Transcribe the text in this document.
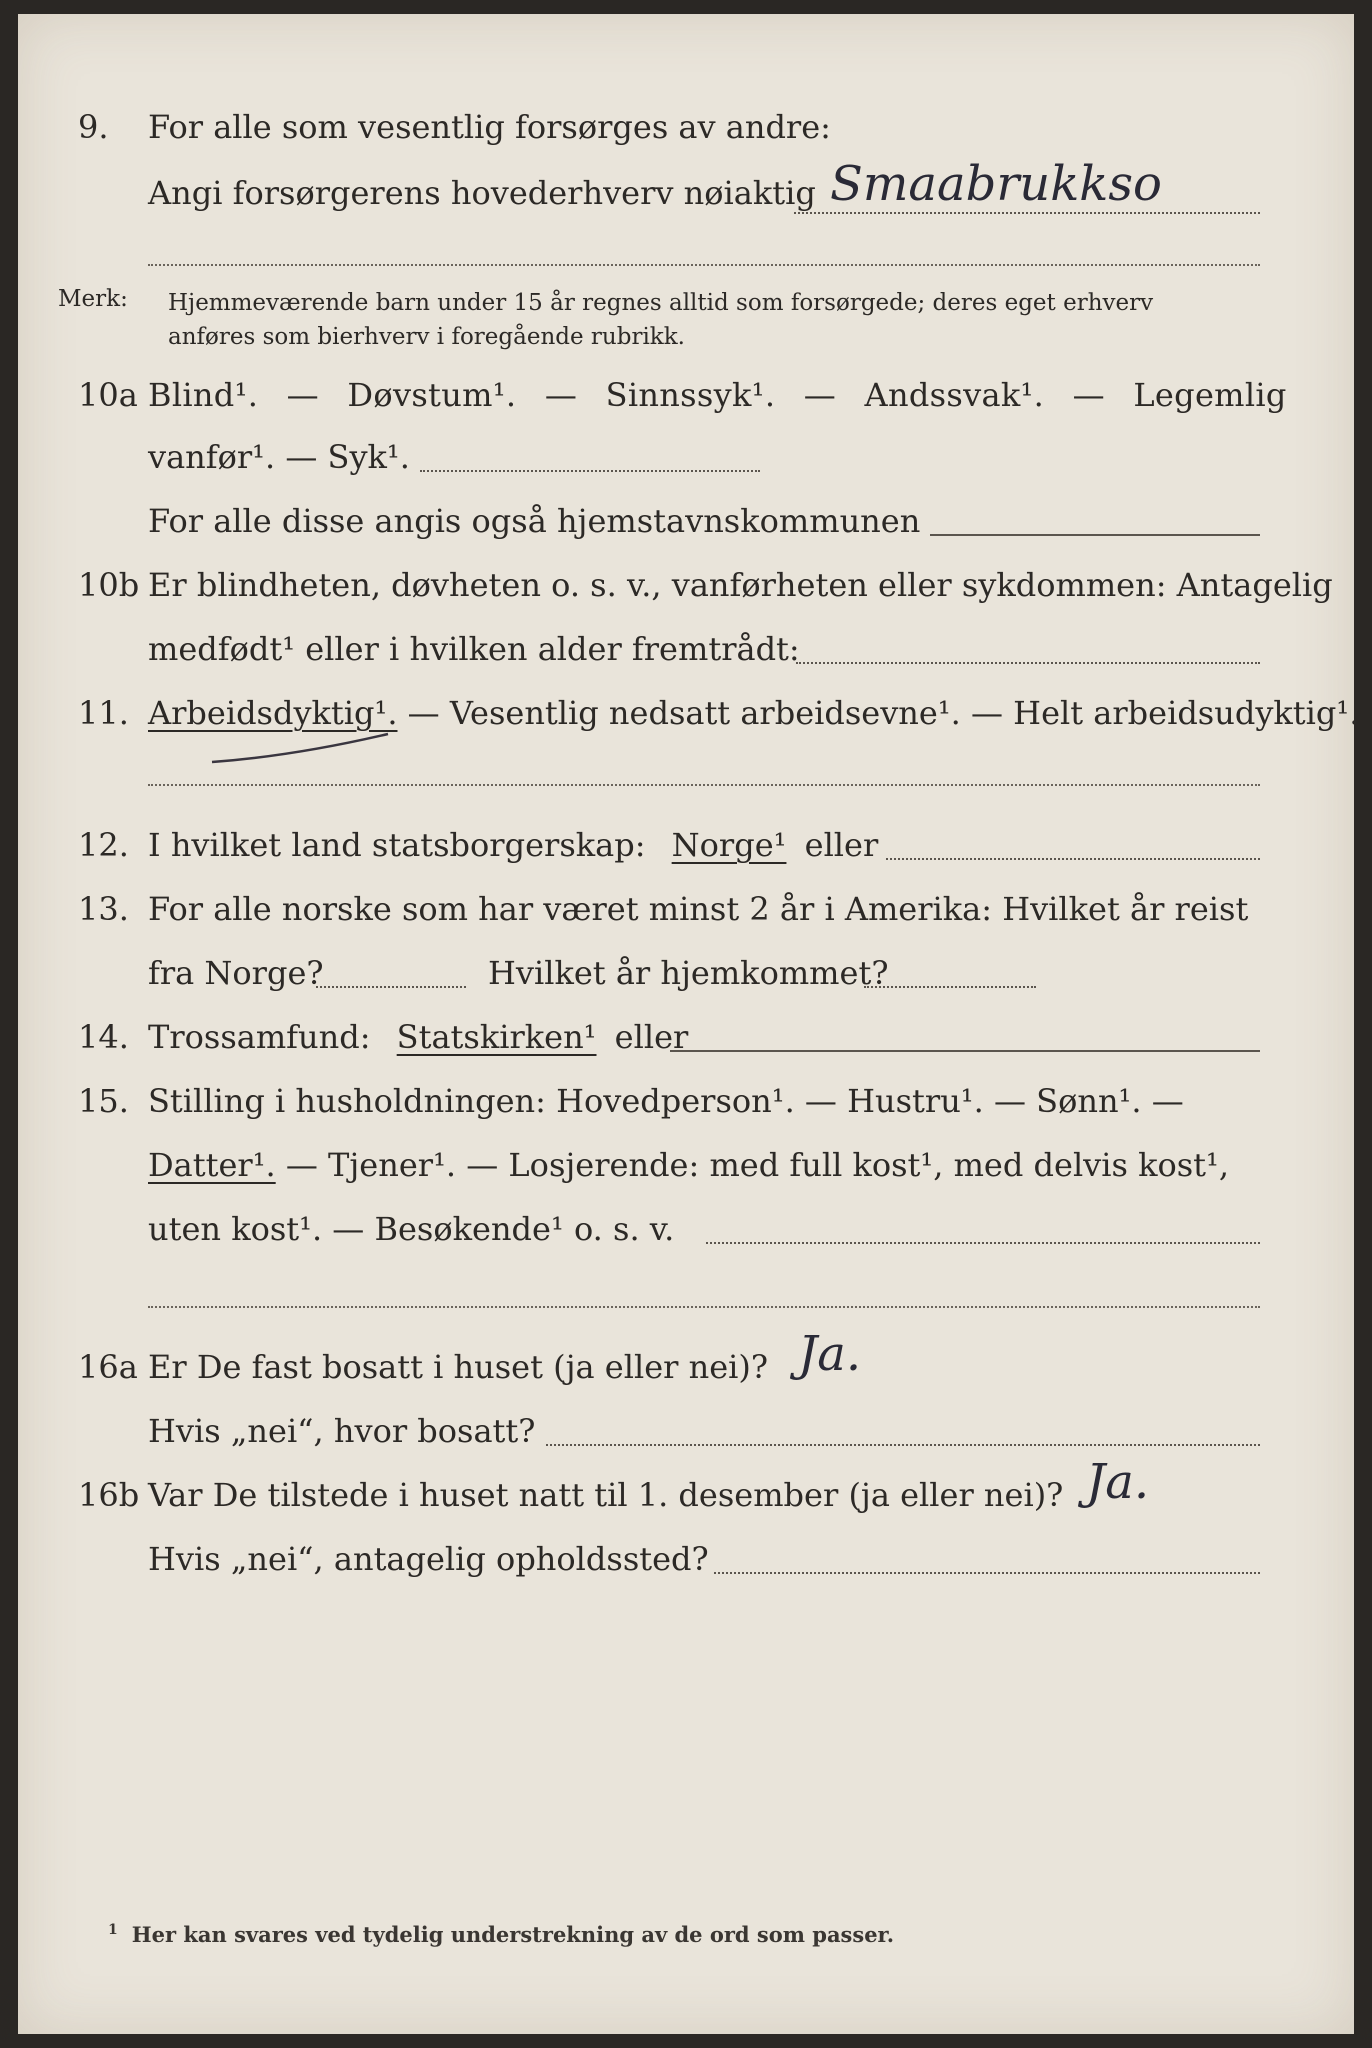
9. For alle som vesentlig forsørges av andre:
Angi forsørgerens hovederhverv nøiaktig Smaabrukkso
Merk: Hjemmeværende barn under 15 år regnes alltid som forsørgede; deres eget erhverv
anføres som bierhverv i foregående rubrikk.
10a Blind¹. — Døvstum¹. — Sinnssyk¹. — Andssvak¹. — Legemlig
vanfør¹. — Syk¹.
For alle disse angis også hjemstavnskommunen
10b Er blindheten, døvheten o. s. v., vanførheten eller sykdommen: Antagelig
medfødt¹ eller i hvilken alder fremtrådt:
11. Arbeidsdyktig¹. — Vesentlig nedsatt arbeidsevne¹. — Helt arbeidsudyktig¹.
12. I hvilket land statsborgerskap: Norge¹ eller
13. For alle norske som har været minst 2 år i Amerika: Hvilket år reist
fra Norge?	Hvilket år hjemkommet?
14. Trossamfund: Statskirken¹ eller
15. Stilling i husholdningen: Hovedperson¹. — Hustru¹. — Sønn¹. —
Datter¹. — Tjener¹. — Losjerende: med full kost¹, med delvis kost¹,
uten kost¹. — Besøkende¹ o. s. v.
16a Er De fast bosatt i huset (ja eller nei)? Ja.
Hvis „nei“, hvor bosatt?
16b Var De tilstede i huset natt til 1. desember (ja eller nei)? Ja.
Hvis „nei“, antagelig opholdssted?
$^1$ Her kan svares ved tydelig understrekning av de ord som passer.
